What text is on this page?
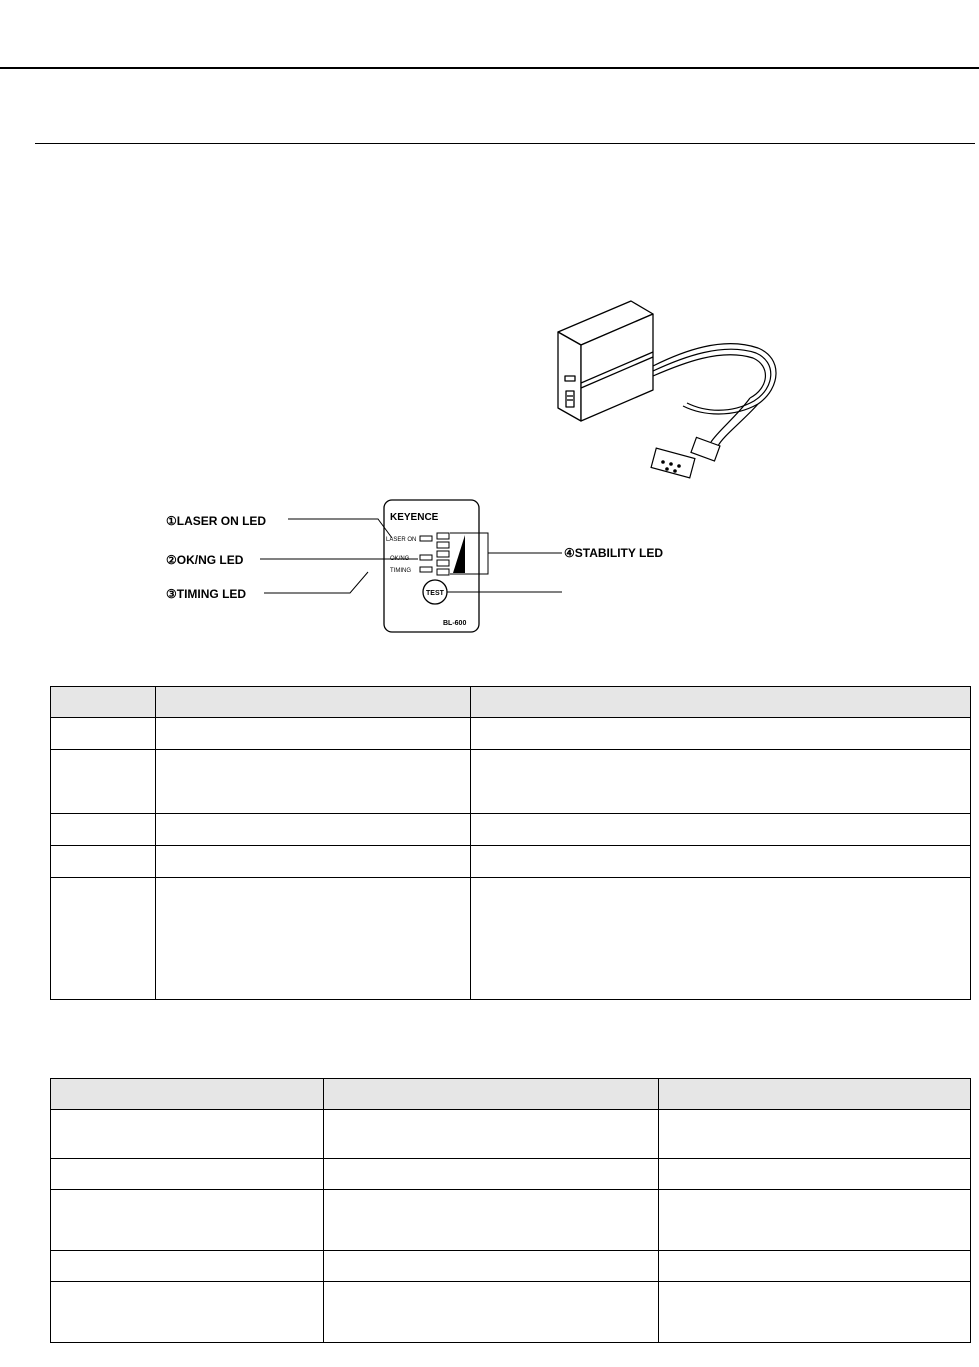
KEYENCE
LASER ON
OK/NG
TIMING
TEST
BL-600
①LASER ON LED
②OK/NG LED
③TIMING LED
④STABILITY LED
